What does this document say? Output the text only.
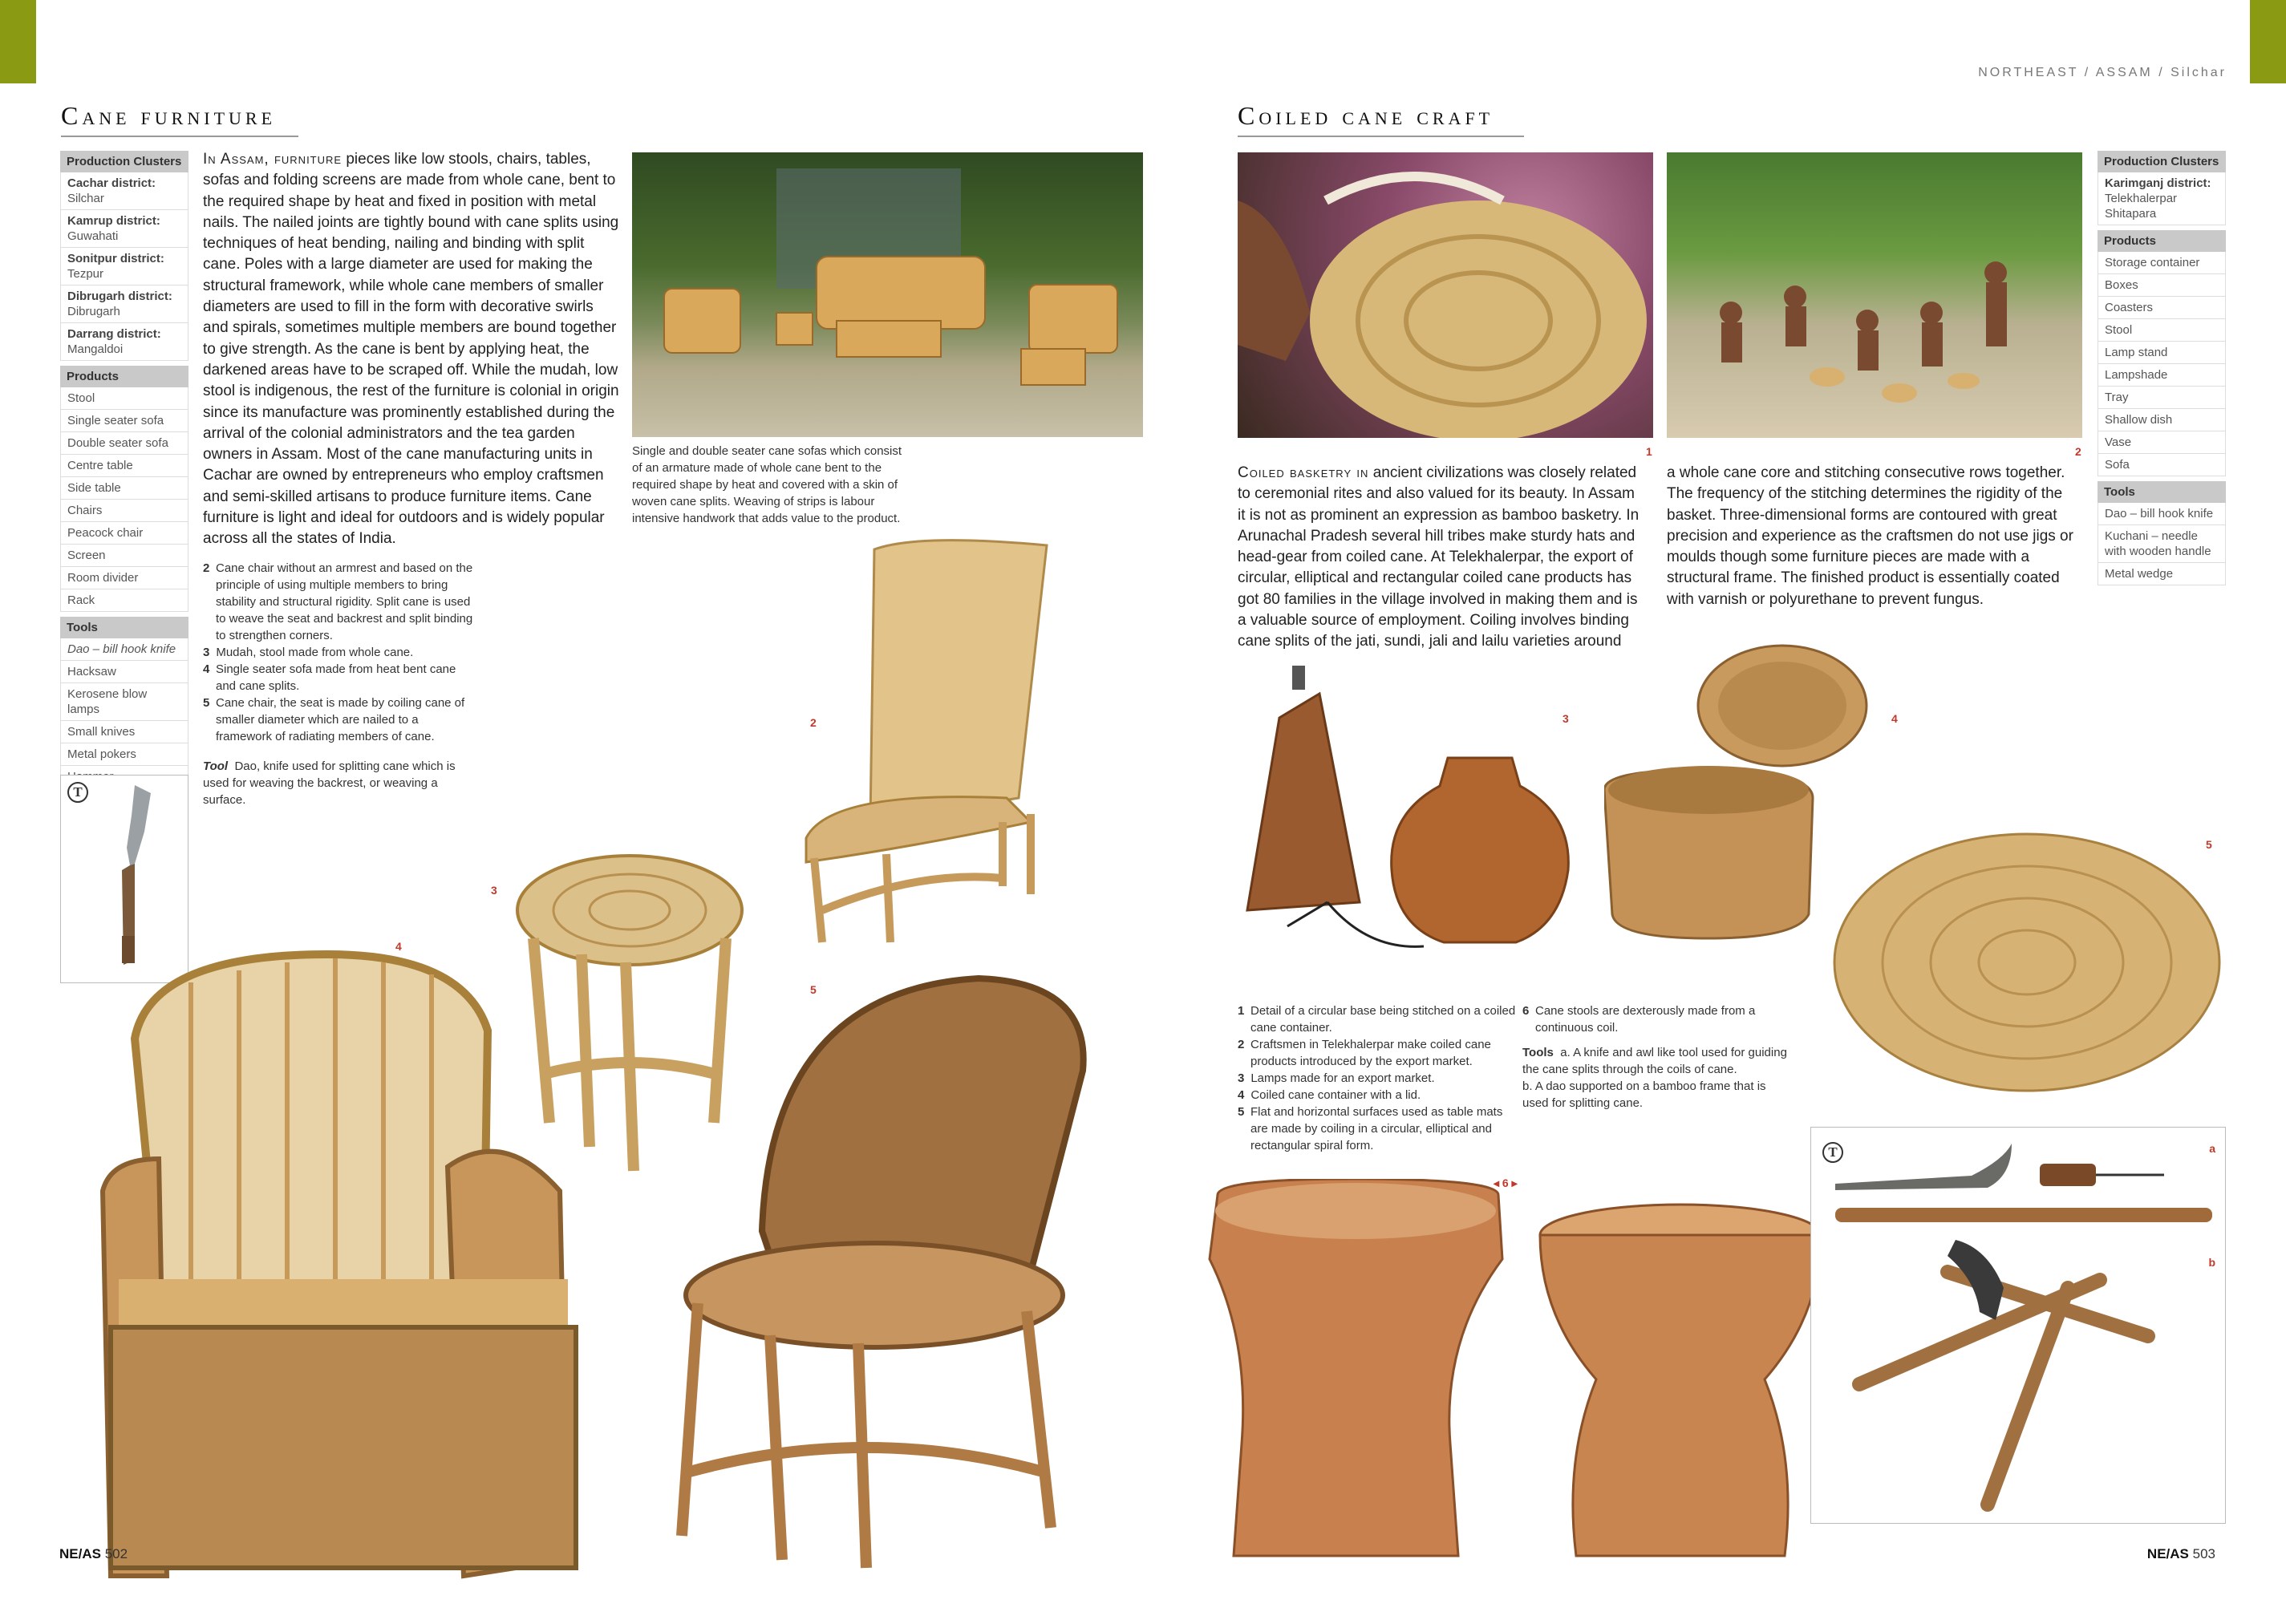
NORTHEAST / ASSAM / Silchar
Cane furniture
Production Clusters
Cachar district:
Silchar
Kamrup district:
Guwahati
Sonitpur district:
Tezpur
Dibrugarh district:
Dibrugarh
Darrang district:
Mangaldoi
Products
Stool
Single seater sofa
Double seater sofa
Centre table
Side table
Chairs
Peacock chair
Screen
Room divider
Rack
Tools
Dao – bill hook knife
Hacksaw
Kerosene blow lamps
Small knives
Metal pokers
T
In Assam, furniture pieces like low stools, chairs, tables, sofas and folding screens are made from whole cane, bent to the required shape by heat and fixed in position with metal nails. The nailed joints are tightly bound with cane splits using techniques of heat bending, nailing and binding with split cane. Poles with a large diameter are used for making the structural framework, while whole cane members of smaller diameters are used to fill in the form with decorative swirls and spirals, sometimes multiple members are bound together to give strength. As the cane is bent by applying heat, the darkened areas have to be scraped off. While the mudah, low stool is indigenous, the rest of the furniture is colonial in origin since its manufacture was prominently established during the arrival of the colonial administrators and the tea garden owners in Assam. Most of the cane manufacturing units in Cachar are owned by entrepreneurs who employ craftsmen and semi-skilled artisans to produce furniture items. Cane furniture is light and ideal for outdoors and is widely popular across all the states of India.
Single and double seater cane sofas which consist of an armature made of whole cane bent to the required shape by heat and covered with a skin of woven cane splits. Weaving of strips is labour intensive handwork that adds value to the product.
2 Cane chair without an armrest and based on the principle of using multiple members to bring stability and structural rigidity. Split cane is used to weave the seat and backrest and split binding to strengthen corners.
3 Mudah, stool made from whole cane.
4 Single seater sofa made from heat bent cane and cane splits.
5 Cane chair, the seat is made by coiling cane of smaller diameter which are nailed to a framework of radiating members of cane.
Tool Dao, knife used for splitting cane which is used for weaving the backrest, or weaving a surface.
2
3
4
5
NE/AS 502
Coiled cane craft
Production Clusters
Karimganj district:
Telekhalerpar Shitapara
Products
Storage container
Boxes
Coasters
Stool
Lamp stand
Lampshade
Tray
Shallow dish
Vase
Sofa
Tools
Dao – bill hook knife
Kuchani – needle with wooden handle
Metal wedge
1	2
Coiled basketry in ancient civilizations was closely related to ceremonial rites and also valued for its beauty. In Assam it is not as prominent an expression as bamboo basketry. In Arunachal Pradesh several hill tribes make sturdy hats and head-gear from coiled cane. At Telekhalerpar, the export of circular, elliptical and rectangular coiled cane products has got 80 families in the village involved in making them and is a valuable source of employment. Coiling involves binding cane splits of the jati, sundi, jali and lailu varieties around
a whole cane core and stitching consecutive rows together. The frequency of the stitching determines the rigidity of the basket. Three-dimensional forms are contoured with great precision and experience as the craftsmen do not use jigs or moulds though some furniture pieces are made with a structural frame. The finished product is essentially coated with varnish or polyurethane to prevent fungus.
3	4
5
1 Detail of a circular base being stitched on a coiled cane container.
2 Craftsmen in Telekhalerpar make coiled cane products introduced by the export market.
3 Lamps made for an export market.
4 Coiled cane container with a lid.
5 Flat and horizontal surfaces used as table mats are made by coiling in a circular, elliptical and rectangular spiral form.
6 Cane stools are dexterously made from a continuous coil.
Tools a. A knife and awl like tool used for guiding the cane splits through the coils of cane.
b. A dao supported on a bamboo frame that is used for splitting cane.
◂ 6 ▸
T	a
b
NE/AS 503
